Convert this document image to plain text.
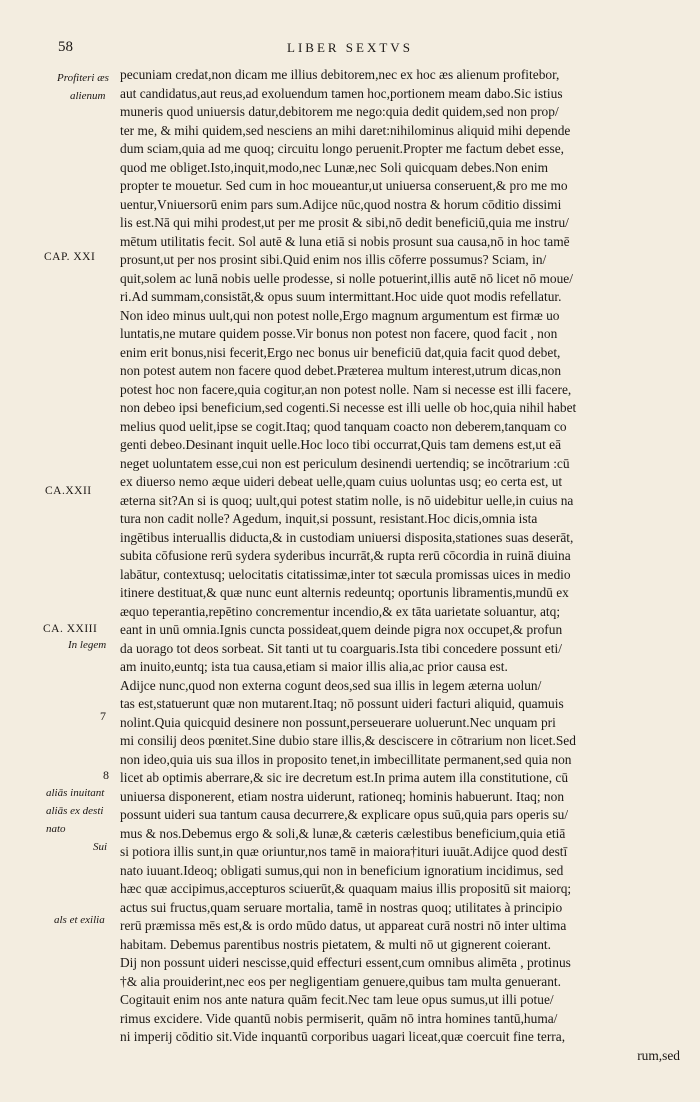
58	LIBER SEXTVS
pecuniam credat,non dicam me illius debitorem,nec ex hoc æs alienum profitebor,
aut candidatus,aut reus,ad exoluendum tamen hoc,portionem meam dabo.Sic istius
muneris quod uniuersis datur,debitorem me nego:quia dedit quidem,sed non prop/
ter me, & mihi quidem,sed nesciens an mihi daret:nihilominus aliquid mihi depende
dum sciam,quia ad me quoq; circuitu longo peruenit.Propter me factum debet esse,
quod me obliget.Isto,inquit,modo,nec Lunæ,nec Soli quicquam debes.Non enim
propter te mouetur. Sed cum in hoc moueantur,ut uniuersa conseruent,& pro me mo
uentur,Vniuersorū enim pars sum.Adijce nūc,quod nostra & horum cōditio dissimi
lis est.Nā qui mihi prodest,ut per me prosit & sibi,nō dedit beneficiū,quia me instru/
mētum utilitatis fecit. Sol autē & luna etiā si nobis prosunt sua causa,nō in hoc tamē
prosunt,ut per nos prosint sibi.Quid enim nos illis cōferre possumus? Sciam, in/
quit,solem ac lunā nobis uelle prodesse, si nolle potuerint,illis autē nō licet nō moue/
ri.Ad summam,consistāt,& opus suum intermittant.Hoc uide quot modis refellatur.
Non ideo minus uult,qui non potest nolle,Ergo magnum argumentum est firmæ uo
luntatis,ne mutare quidem posse.Vir bonus non potest non facere, quod facit , non
enim erit bonus,nisi fecerit,Ergo nec bonus uir beneficiū dat,quia facit quod debet,
non potest autem non facere quod debet.Præterea multum interest,utrum dicas,non
potest hoc non facere,quia cogitur,an non potest nolle. Nam si necesse est illi facere,
non debeo ipsi beneficium,sed cogenti.Si necesse est illi uelle ob hoc,quia nihil habet
melius quod uelit,ipse se cogit.Itaq; quod tanquam coacto non deberem,tanquam co
genti debeo.Desinant inquit uelle.Hoc loco tibi occurrat,Quis tam demens est,ut eā
neget uoluntatem esse,cui non est periculum desinendi uertendiq; se incōtrarium :cū
ex diuerso nemo æque uideri debeat uelle,quam cuius uoluntas usq; eo certa est, ut
æterna sit?An si is quoq; uult,qui potest statim nolle, is nō uidebitur uelle,in cuius na
tura non cadit nolle? Agedum, inquit,si possunt, resistant.Hoc dicis,omnia ista
ingētibus interuallis diducta,& in custodiam uniuersi disposita,stationes suas deserāt,
subita cōfusione rerū sydera syderibus incurrāt,& rupta rerū cōcordia in ruinā diuina
labātur, contextusq; uelocitatis citatissimæ,inter tot sæcula promissas uices in medio
itinere destituat,& quæ nunc eunt alternis redeuntq; oportunis libramentis,mundū ex
æquo teperantia,repētino concrementur incendio,& ex tāta uarietate soluantur, atq;
eant in unū omnia.Ignis cuncta possideat,quem deinde pigra nox occupet,& profun
da uorago tot deos sorbeat. Sit tanti ut tu coarguaris.Ista tibi concedere possunt eti/
am inuito,euntq; ista tua causa,etiam si maior illis alia,ac prior causa est.
Adijce nunc,quod non externa cogunt deos,sed sua illis in legem æterna uolun/
tas est,statuerunt quæ non mutarent.Itaq; nō possunt uideri facturi aliquid, quamuis
nolint.Quia quicquid desinere non possunt,perseuerare uoluerunt.Nec unquam pri
mi consilij deos pœnitet.Sine dubio stare illis,& desciscere in cōtrarium non licet.Sed
non ideo,quia uis sua illos in proposito tenet,in imbecillitate permanent,sed quia non
licet ab optimis aberrare,& sic ire decretum est.In prima autem illa constitutione, cū
uniuersa disponerent, etiam nostra uiderunt, rationeq; hominis habuerunt. Itaq; non
possunt uideri sua tantum causa decurrere,& explicare opus suū,quia pars operis su/
mus & nos.Debemus ergo & soli,& lunæ,& cæteris cælestibus beneficium,quia etiā
si potiora illis sunt,in quæ oriuntur,nos tamē in maiora†ituri iuuāt.Adijce quod destī
nato iuuant.Ideoq; obligati sumus,qui non in beneficium ignoratium incidimus, sed
hæc quæ accipimus,accepturos sciuerūt,& quaquam maius illis propositū sit maiorq;
actus sui fructus,quam seruare mortalia, tamē in nostras quoq; utilitates à principio
rerū præmissa mēs est,& is ordo mūdo datus, ut appareat curā nostri nō inter ultima
habitam. Debemus parentibus nostris pietatem, & multi nō ut gignerent coierant.
Dij non possunt uideri nescisse,quid effecturi essent,cum omnibus alimēta , protinus
†& alia prouiderint,nec eos per negligentiam genuere,quibus tam multa genuerant.
Cogitauit enim nos ante natura quām fecit.Nec tam leue opus sumus,ut illi potue/
rimus excidere. Vide quantū nobis permiserit, quām nō intra homines tantū,huma/
ni imperij cōditio sit.Vide inquantū corporibus uagari liceat,quæ coercuit fine terra,
rum,sed
Profiteri æs
alienum
CAP. XXI
CA.XXII
CA. XXIII
In legem
7
8
aliās inuitant
aliās ex desti
nato
Sui
als et exilia
